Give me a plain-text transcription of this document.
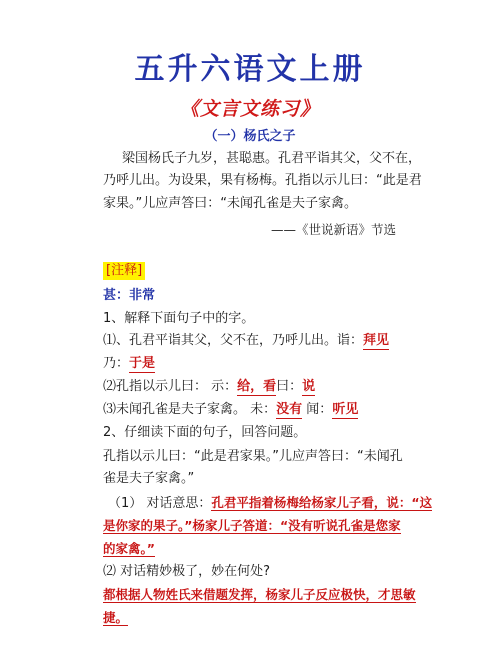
五升六语文上册
《文言文练习》
（一）杨氏之子
梁国杨氏子九岁，甚聪惠。孔君平诣其父，父不在，
乃呼儿出。为设果，果有杨梅。孔指以示儿曰：“此是君
家果。”儿应声答曰：“未闻孔雀是夫子家禽。
——《世说新语》节选
[注释]
甚：非常
1、解释下面句子中的字。
⑴、孔君平诣其父，父不在，乃呼儿出。诣：拜见
乃：于是
⑵孔指以示儿曰： 示：给，看曰：说
⑶未闻孔雀是夫子家禽。 未：没有 闻：听见
2、仔细读下面的句子，回答问题。
孔指以示儿曰：“此是君家果。”儿应声答曰：“未闻孔
雀是夫子家禽。”
（1） 对话意思：孔君平指着杨梅给杨家儿子看，说：“这
是你家的果子。”杨家儿子答道：“没有听说孔雀是您家
的家禽。”
⑵ 对话精妙极了，妙在何处?
都根据人物姓氏来借题发挥，杨家儿子反应极快，才思敏
捷。
